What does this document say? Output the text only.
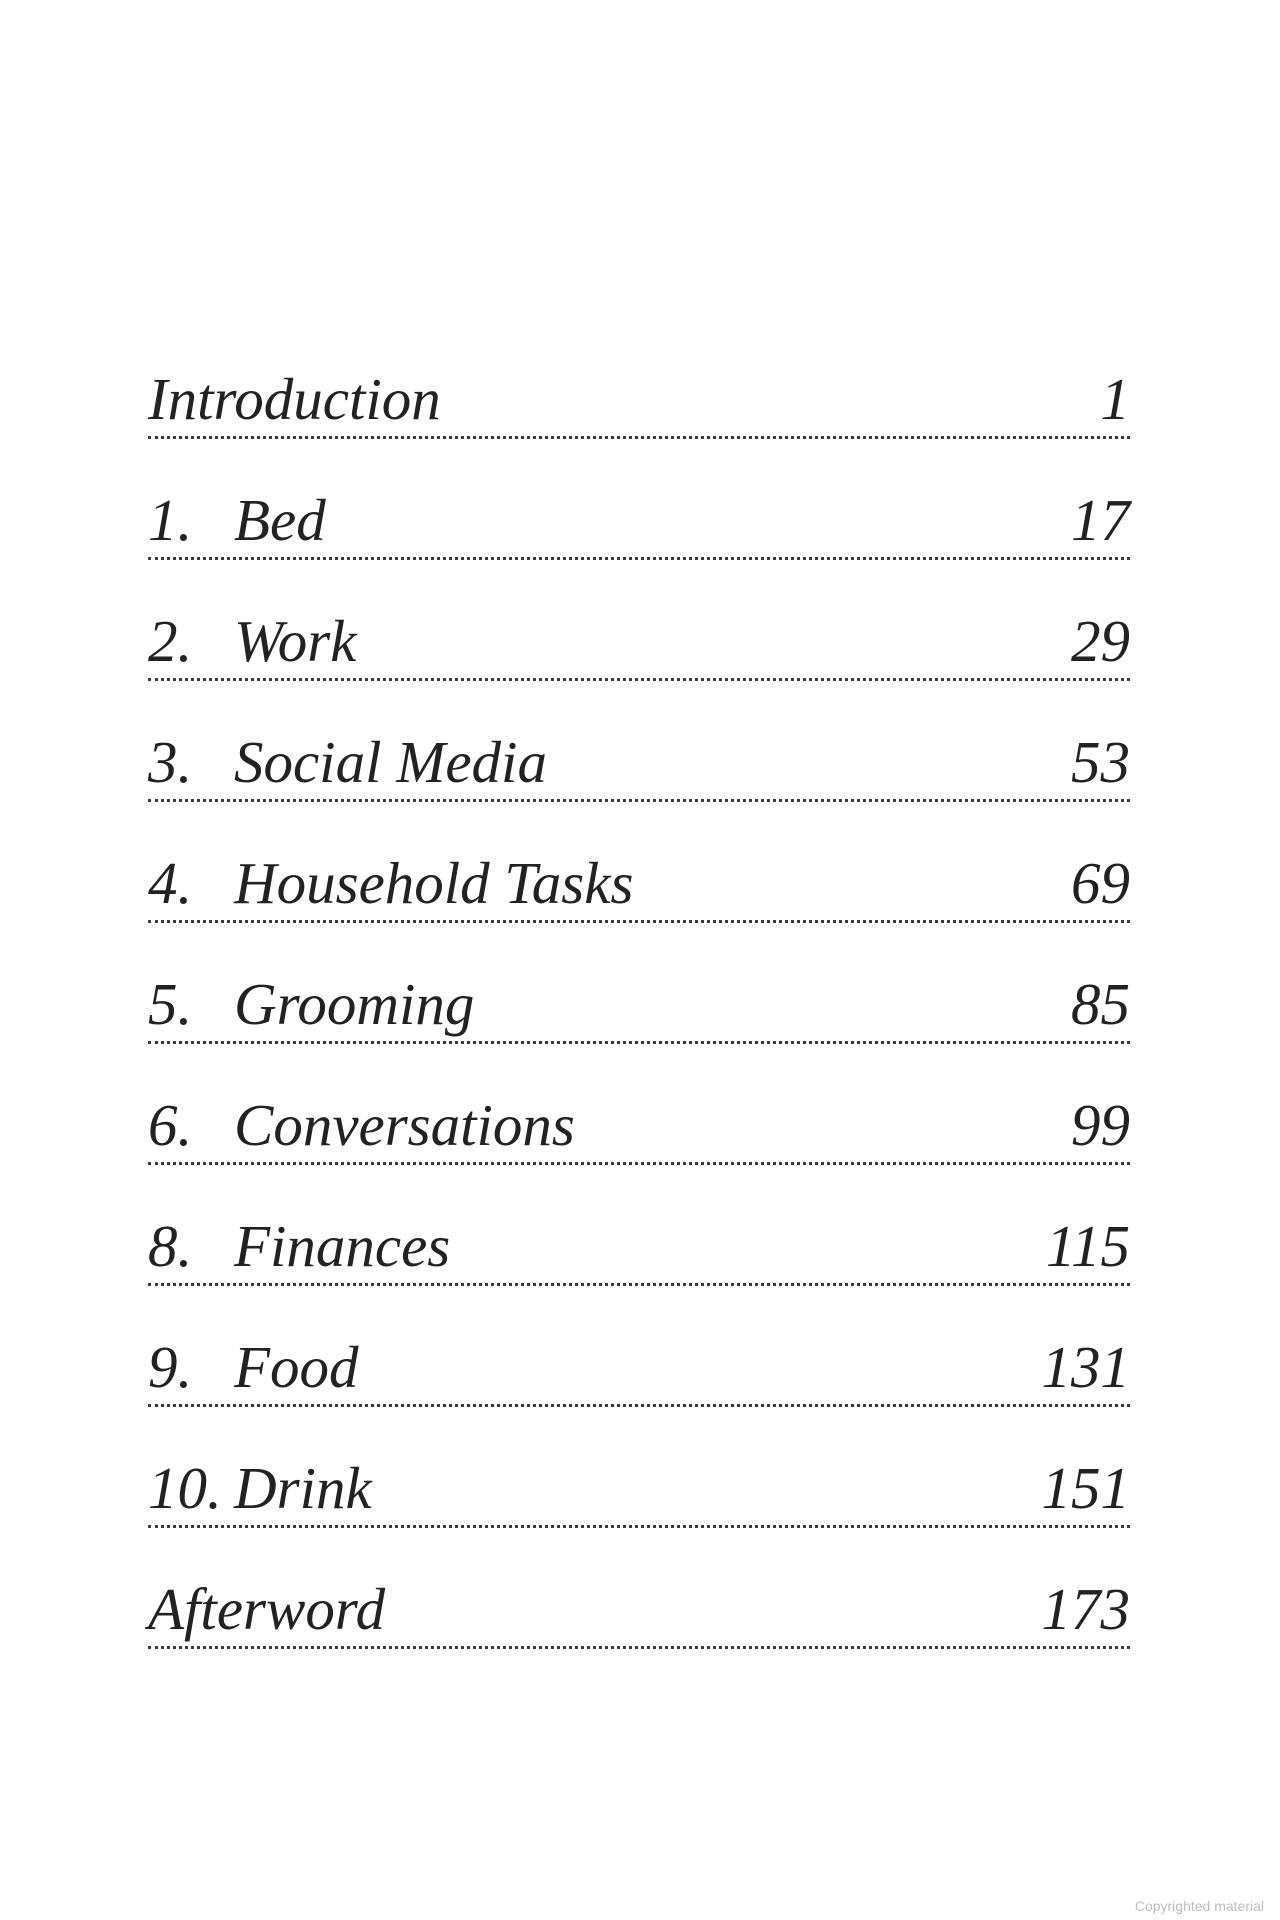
Introduction	1
1. Bed	17
2. Work	29
3. Social Media	53
4. Household Tasks	69
5. Grooming	85
6. Conversations	99
8. Finances	115
9. Food	131
10. Drink	151
Afterword	173
Copyrighted material
